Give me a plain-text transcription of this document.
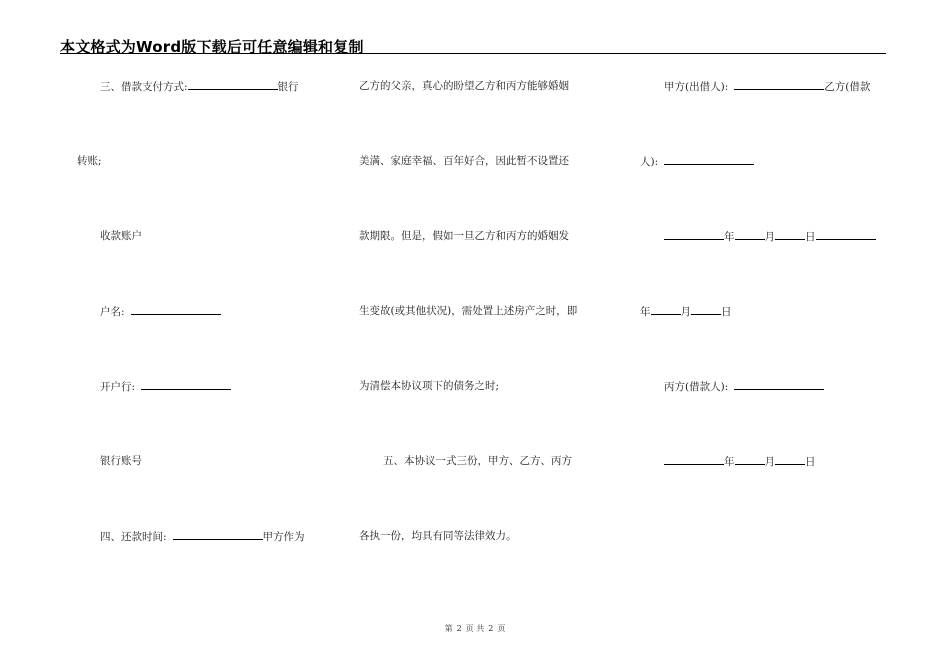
本文格式为Word版下载后可任意编辑和复制
三、借款支付方式:	银行
转账;
收款账户
户名:
开户行:
银行账号
四、还款时间:	甲方作为
乙方的父亲，真心的盼望乙方和丙方能够婚姻
美满、家庭幸福、百年好合，因此暂不设置还
款期限。但是，假如一旦乙方和丙方的婚姻发
生变故(或其他状况)，需处置上述房产之时，即
为清偿本协议项下的债务之时;
五、本协议一式三份，甲方、乙方、丙方
各执一份，均具有同等法律效力。
甲方(出借人):	乙方(借款
人):
年	月	日
年	月	日
丙方(借款人):
年	月	日
第 2 页 共 2 页
